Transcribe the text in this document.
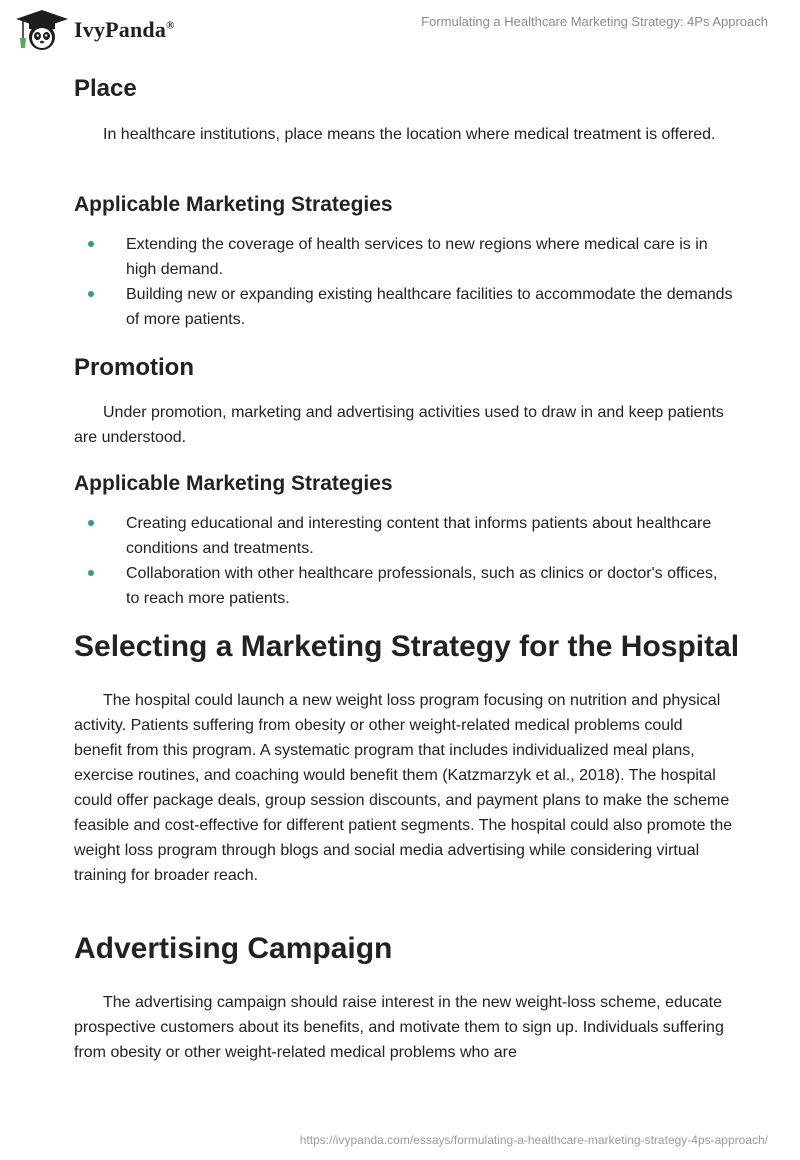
IvyPanda®	Formulating a Healthcare Marketing Strategy: 4Ps Approach
Place

In healthcare institutions, place means the location where medical treatment is offered.

Applicable Marketing Strategies
Extending the coverage of health services to new regions where medical care is in high demand.
Building new or expanding existing healthcare facilities to accommodate the demands of more patients.
Promotion

Under promotion, marketing and advertising activities used to draw in and keep patients are understood.

Applicable Marketing Strategies
Creating educational and interesting content that informs patients about healthcare conditions and treatments.
Collaboration with other healthcare professionals, such as clinics or doctor's offices, to reach more patients.
Selecting a Marketing Strategy for the Hospital

The hospital could launch a new weight loss program focusing on nutrition and physical activity. Patients suffering from obesity or other weight-related medical problems could benefit from this program. A systematic program that includes individualized meal plans, exercise routines, and coaching would benefit them (Katzmarzyk et al., 2018). The hospital could offer package deals, group session discounts, and payment plans to make the scheme feasible and cost-effective for different patient segments. The hospital could also promote the weight loss program through blogs and social media advertising while considering virtual training for broader reach.

Advertising Campaign

The advertising campaign should raise interest in the new weight-loss scheme, educate prospective customers about its benefits, and motivate them to sign up. Individuals suffering from obesity or other weight-related medical problems who are

https://ivypanda.com/essays/formulating-a-healthcare-marketing-strategy-4ps-approach/
